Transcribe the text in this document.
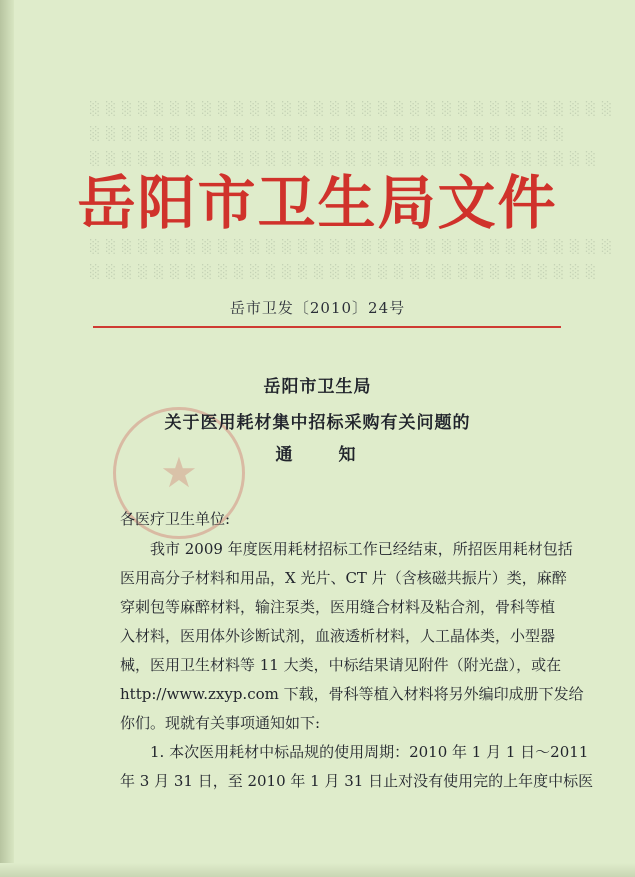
░░░░░░░░░░░░░░░░░░░░░░░░░░░░░░░░░
░░░░░░░░░░░░░░░░░░░░░░░░░░░░░░
░░░░░░░░░░░░░░░░░░░░░░░░░░░░░░░░
░░░░░░░░░░░░░░░░░░░░░░░░░░░░░░░░░
░░░░░░░░░░░░░░░░░░░░░░░░░░░░░░░░
岳阳市卫生局文件
岳市卫发〔2010〕24号
★
岳阳市卫生局
关于医用耗材集中招标采购有关问题的
通　　知
各医疗卫生单位:
我市 2009 年度医用耗材招标工作已经结束，所招医用耗材包括
医用高分子材料和用品，X 光片、CT 片（含核磁共振片）类，麻醉
穿刺包等麻醉材料，输注泵类，医用缝合材料及粘合剂，骨科等植
入材料，医用体外诊断试剂，血液透析材料，人工晶体类，小型器
械，医用卫生材料等 11 大类，中标结果请见附件（附光盘），或在
http://www.zxyp.com 下载，骨科等植入材料将另外编印成册下发给
你们。现就有关事项通知如下:
1. 本次医用耗材中标品规的使用周期：2010 年 1 月 1 日～2011
年 3 月 31 日，至 2010 年 1 月 31 日止对没有使用完的上年度中标医
